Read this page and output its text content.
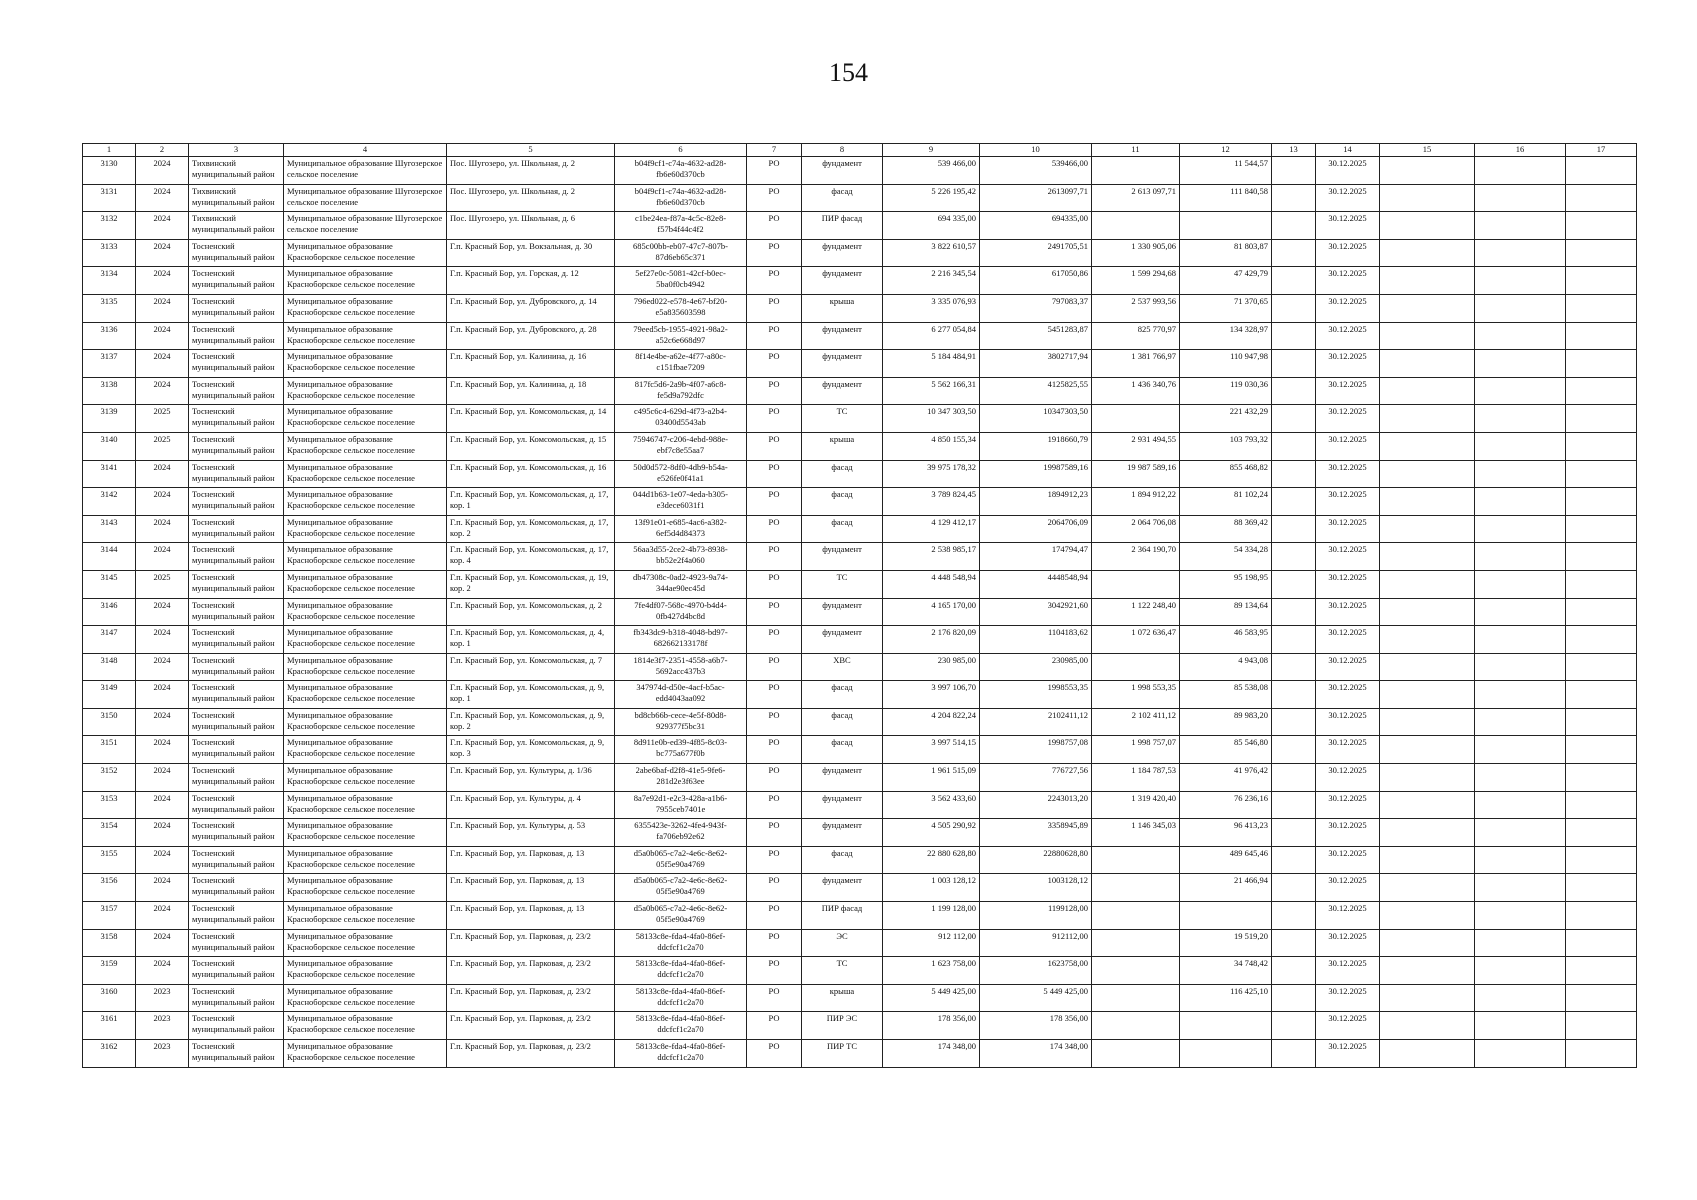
154
1	2	3	4	5	6	7	8	9	10	11	12	13	14	15	16	17
3130	2024	Тихвинский муниципальный район	Муниципальное образование Шугозерское сельское поселение	Пос. Шугозеро, ул. Школьная, д. 2	b04f9cf1-c74a-4632-ad28-fb6e60d370cb	РО	фундамент	539 466,00	539466,00		11 544,57		30.12.2025			
3131	2024	Тихвинский муниципальный район	Муниципальное образование Шугозерское сельское поселение	Пос. Шугозеро, ул. Школьная, д. 2	b04f9cf1-c74a-4632-ad28-fb6e60d370cb	РО	фасад	5 226 195,42	2613097,71	2 613 097,71	111 840,58		30.12.2025			
3132	2024	Тихвинский муниципальный район	Муниципальное образование Шугозерское сельское поселение	Пос. Шугозеро, ул. Школьная, д. 6	c1be24ea-f87a-4c5c-82e8-f57b4f44c4f2	РО	ПИР фасад	694 335,00	694335,00				30.12.2025			
3133	2024	Тосненский муниципальный район	Муниципальное образование Красноборское сельское поселение	Г.п. Красный Бор, ул. Вокзальная, д. 30	685c00bb-eb07-47c7-807b-87d6eb65c371	РО	фундамент	3 822 610,57	2491705,51	1 330 905,06	81 803,87		30.12.2025			
3134	2024	Тосненский муниципальный район	Муниципальное образование Красноборское сельское поселение	Г.п. Красный Бор, ул. Горская, д. 12	5ef27e0c-5081-42cf-b0ec-5ba0f0cb4942	РО	фундамент	2 216 345,54	617050,86	1 599 294,68	47 429,79		30.12.2025			
3135	2024	Тосненский муниципальный район	Муниципальное образование Красноборское сельское поселение	Г.п. Красный Бор, ул. Дубровского, д. 14	796ed022-e578-4e67-bf20-e5a835603598	РО	крыша	3 335 076,93	797083,37	2 537 993,56	71 370,65		30.12.2025			
3136	2024	Тосненский муниципальный район	Муниципальное образование Красноборское сельское поселение	Г.п. Красный Бор, ул. Дубровского, д. 28	79eed5cb-1955-4921-98a2-a52c6e668d97	РО	фундамент	6 277 054,84	5451283,87	825 770,97	134 328,97		30.12.2025			
3137	2024	Тосненский муниципальный район	Муниципальное образование Красноборское сельское поселение	Г.п. Красный Бор, ул. Калинина, д. 16	8f14e4be-a62e-4f77-a80c-c151fbae7209	РО	фундамент	5 184 484,91	3802717,94	1 381 766,97	110 947,98		30.12.2025			
3138	2024	Тосненский муниципальный район	Муниципальное образование Красноборское сельское поселение	Г.п. Красный Бор, ул. Калинина, д. 18	817fc5d6-2a9b-4f07-a6c8-fe5d9a792dfc	РО	фундамент	5 562 166,31	4125825,55	1 436 340,76	119 030,36		30.12.2025			
3139	2025	Тосненский муниципальный район	Муниципальное образование Красноборское сельское поселение	Г.п. Красный Бор, ул. Комсомольская, д. 14	c495c6c4-629d-4f73-a2b4-03400d5543ab	РО	ТС	10 347 303,50	10347303,50		221 432,29		30.12.2025			
3140	2025	Тосненский муниципальный район	Муниципальное образование Красноборское сельское поселение	Г.п. Красный Бор, ул. Комсомольская, д. 15	75946747-c206-4ebd-988e-ebf7c8e55aa7	РО	крыша	4 850 155,34	1918660,79	2 931 494,55	103 793,32		30.12.2025			
3141	2024	Тосненский муниципальный район	Муниципальное образование Красноборское сельское поселение	Г.п. Красный Бор, ул. Комсомольская, д. 16	50d0d572-8df0-4db9-b54a-e526fe0f41a1	РО	фасад	39 975 178,32	19987589,16	19 987 589,16	855 468,82		30.12.2025			
3142	2024	Тосненский муниципальный район	Муниципальное образование Красноборское сельское поселение	Г.п. Красный Бор, ул. Комсомольская, д. 17, кор. 1	044d1b63-1e07-4eda-b305-e3dece6031f1	РО	фасад	3 789 824,45	1894912,23	1 894 912,22	81 102,24		30.12.2025			
3143	2024	Тосненский муниципальный район	Муниципальное образование Красноборское сельское поселение	Г.п. Красный Бор, ул. Комсомольская, д. 17, кор. 2	13f91e01-e685-4ac6-a382-6ef5d4d84373	РО	фасад	4 129 412,17	2064706,09	2 064 706,08	88 369,42		30.12.2025			
3144	2024	Тосненский муниципальный район	Муниципальное образование Красноборское сельское поселение	Г.п. Красный Бор, ул. Комсомольская, д. 17, кор. 4	56aa3d55-2ce2-4b73-8938-bb52e2f4a060	РО	фундамент	2 538 985,17	174794,47	2 364 190,70	54 334,28		30.12.2025			
3145	2025	Тосненский муниципальный район	Муниципальное образование Красноборское сельское поселение	Г.п. Красный Бор, ул. Комсомольская, д. 19, кор. 2	db47308c-0ad2-4923-9a74-344ae90ec45d	РО	ТС	4 448 548,94	4448548,94		95 198,95		30.12.2025			
3146	2024	Тосненский муниципальный район	Муниципальное образование Красноборское сельское поселение	Г.п. Красный Бор, ул. Комсомольская, д. 2	7fe4df07-568c-4970-b4d4-0fb427d4bc8d	РО	фундамент	4 165 170,00	3042921,60	1 122 248,40	89 134,64		30.12.2025			
3147	2024	Тосненский муниципальный район	Муниципальное образование Красноборское сельское поселение	Г.п. Красный Бор, ул. Комсомольская, д. 4, кор. 1	fb343dc9-b318-4048-bd97-682662133178f	РО	фундамент	2 176 820,09	1104183,62	1 072 636,47	46 583,95		30.12.2025			
3148	2024	Тосненский муниципальный район	Муниципальное образование Красноборское сельское поселение	Г.п. Красный Бор, ул. Комсомольская, д. 7	1814e3f7-2351-4558-a6b7-5692acc437b3	РО	ХВС	230 985,00	230985,00		4 943,08		30.12.2025			
3149	2024	Тосненский муниципальный район	Муниципальное образование Красноборское сельское поселение	Г.п. Красный Бор, ул. Комсомольская, д. 9, кор. 1	347974d-d50e-4acf-b5ac-edd4043aa092	РО	фасад	3 997 106,70	1998553,35	1 998 553,35	85 538,08		30.12.2025			
3150	2024	Тосненский муниципальный район	Муниципальное образование Красноборское сельское поселение	Г.п. Красный Бор, ул. Комсомольская, д. 9, кор. 2	bd8cb66b-cece-4e5f-80d8-929377f5bc31	РО	фасад	4 204 822,24	2102411,12	2 102 411,12	89 983,20		30.12.2025			
3151	2024	Тосненский муниципальный район	Муниципальное образование Красноборское сельское поселение	Г.п. Красный Бор, ул. Комсомольская, д. 9, кор. 3	8d911e0b-ed39-4f85-8c03-bc775a677f0b	РО	фасад	3 997 514,15	1998757,08	1 998 757,07	85 546,80		30.12.2025			
3152	2024	Тосненский муниципальный район	Муниципальное образование Красноборское сельское поселение	Г.п. Красный Бор, ул. Культуры, д. 1/36	2abe6baf-d2f8-41e5-9fe6-281d2e3f63ee	РО	фундамент	1 961 515,09	776727,56	1 184 787,53	41 976,42		30.12.2025			
3153	2024	Тосненский муниципальный район	Муниципальное образование Красноборское сельское поселение	Г.п. Красный Бор, ул. Культуры, д. 4	8a7e92d1-e2c3-428a-a1b6-7955ceb7401e	РО	фундамент	3 562 433,60	2243013,20	1 319 420,40	76 236,16		30.12.2025			
3154	2024	Тосненский муниципальный район	Муниципальное образование Красноборское сельское поселение	Г.п. Красный Бор, ул. Культуры, д. 53	6355423e-3262-4fe4-943f-fa706eb92e62	РО	фундамент	4 505 290,92	3358945,89	1 146 345,03	96 413,23		30.12.2025			
3155	2024	Тосненский муниципальный район	Муниципальное образование Красноборское сельское поселение	Г.п. Красный Бор, ул. Парковая, д. 13	d5a0b065-c7a2-4e6c-8e62-05f5e90a4769	РО	фасад	22 880 628,80	22880628,80		489 645,46		30.12.2025			
3156	2024	Тосненский муниципальный район	Муниципальное образование Красноборское сельское поселение	Г.п. Красный Бор, ул. Парковая, д. 13	d5a0b065-c7a2-4e6c-8e62-05f5e90a4769	РО	фундамент	1 003 128,12	1003128,12		21 466,94		30.12.2025			
3157	2024	Тосненский муниципальный район	Муниципальное образование Красноборское сельское поселение	Г.п. Красный Бор, ул. Парковая, д. 13	d5a0b065-c7a2-4e6c-8e62-05f5e90a4769	РО	ПИР фасад	1 199 128,00	1199128,00				30.12.2025			
3158	2024	Тосненский муниципальный район	Муниципальное образование Красноборское сельское поселение	Г.п. Красный Бор, ул. Парковая, д. 23/2	58133c8e-fda4-4fa0-86ef-ddcfcf1c2a70	РО	ЭС	912 112,00	912112,00		19 519,20		30.12.2025			
3159	2024	Тосненский муниципальный район	Муниципальное образование Красноборское сельское поселение	Г.п. Красный Бор, ул. Парковая, д. 23/2	58133c8e-fda4-4fa0-86ef-ddcfcf1c2a70	РО	ТС	1 623 758,00	1623758,00		34 748,42		30.12.2025			
3160	2023	Тосненский муниципальный район	Муниципальное образование Красноборское сельское поселение	Г.п. Красный Бор, ул. Парковая, д. 23/2	58133c8e-fda4-4fa0-86ef-ddcfcf1c2a70	РО	крыша	5 449 425,00	5 449 425,00		116 425,10		30.12.2025			
3161	2023	Тосненский муниципальный район	Муниципальное образование Красноборское сельское поселение	Г.п. Красный Бор, ул. Парковая, д. 23/2	58133c8e-fda4-4fa0-86ef-ddcfcf1c2a70	РО	ПИР ЭС	178 356,00	178 356,00				30.12.2025			
3162	2023	Тосненский муниципальный район	Муниципальное образование Красноборское сельское поселение	Г.п. Красный Бор, ул. Парковая, д. 23/2	58133c8e-fda4-4fa0-86ef-ddcfcf1c2a70	РО	ПИР ТС	174 348,00	174 348,00				30.12.2025			
